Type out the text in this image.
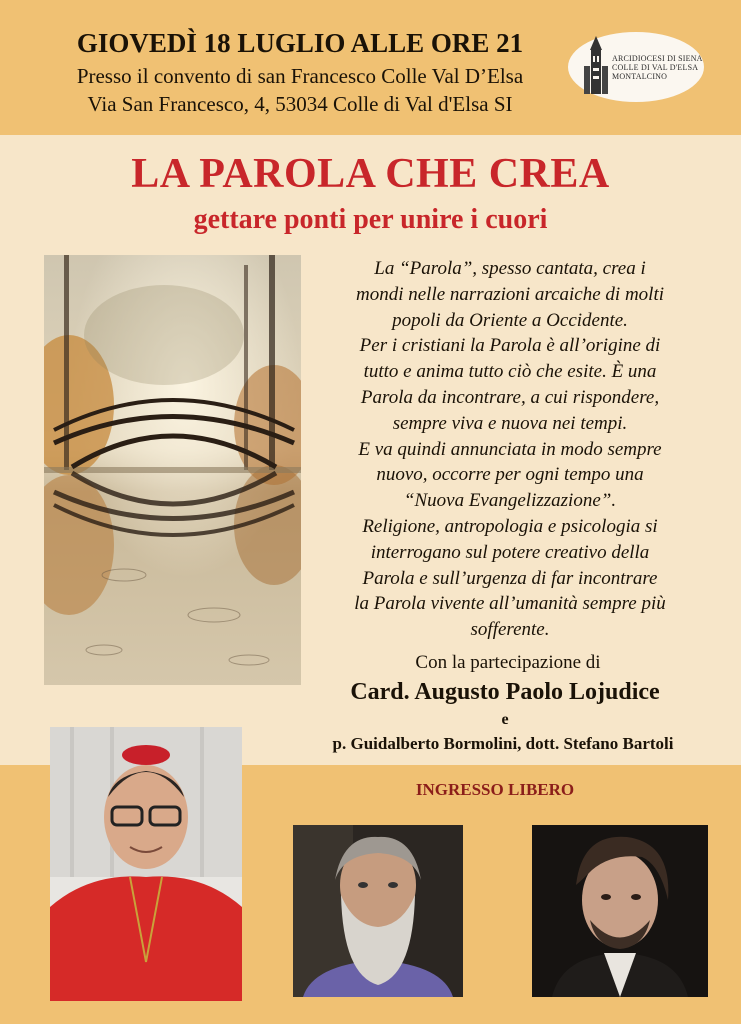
GIOVEDÌ 18 LUGLIO ALLE ORE 21
Presso il convento di san Francesco Colle Val D’Elsa
Via San Francesco, 4, 53034 Colle di Val d'Elsa SI
ARCIDIOCESI DI SIENA
COLLE DI VAL D'ELSA
MONTALCINO
LA PAROLA CHE CREA
gettare ponti per unire i cuori
La “Parola”, spesso cantata, crea i
mondi nelle narrazioni arcaiche di molti
popoli da Oriente a Occidente.
Per i cristiani la Parola è all’origine di
tutto e anima tutto ciò che esite. È una
Parola da incontrare, a cui rispondere,
sempre viva e nuova nei tempi.
E va quindi annunciata in modo sempre
nuovo, occorre per ogni tempo una
“Nuova Evangelizzazione”.
Religione, antropologia e psicologia si
interrogano sul potere creativo della
Parola e sull’urgenza di far incontrare
la Parola vivente all’umanità sempre più
sofferente.
Con la partecipazione di
Card. Augusto Paolo Lojudice
e
p. Guidalberto Bormolini, dott. Stefano Bartoli
INGRESSO LIBERO
